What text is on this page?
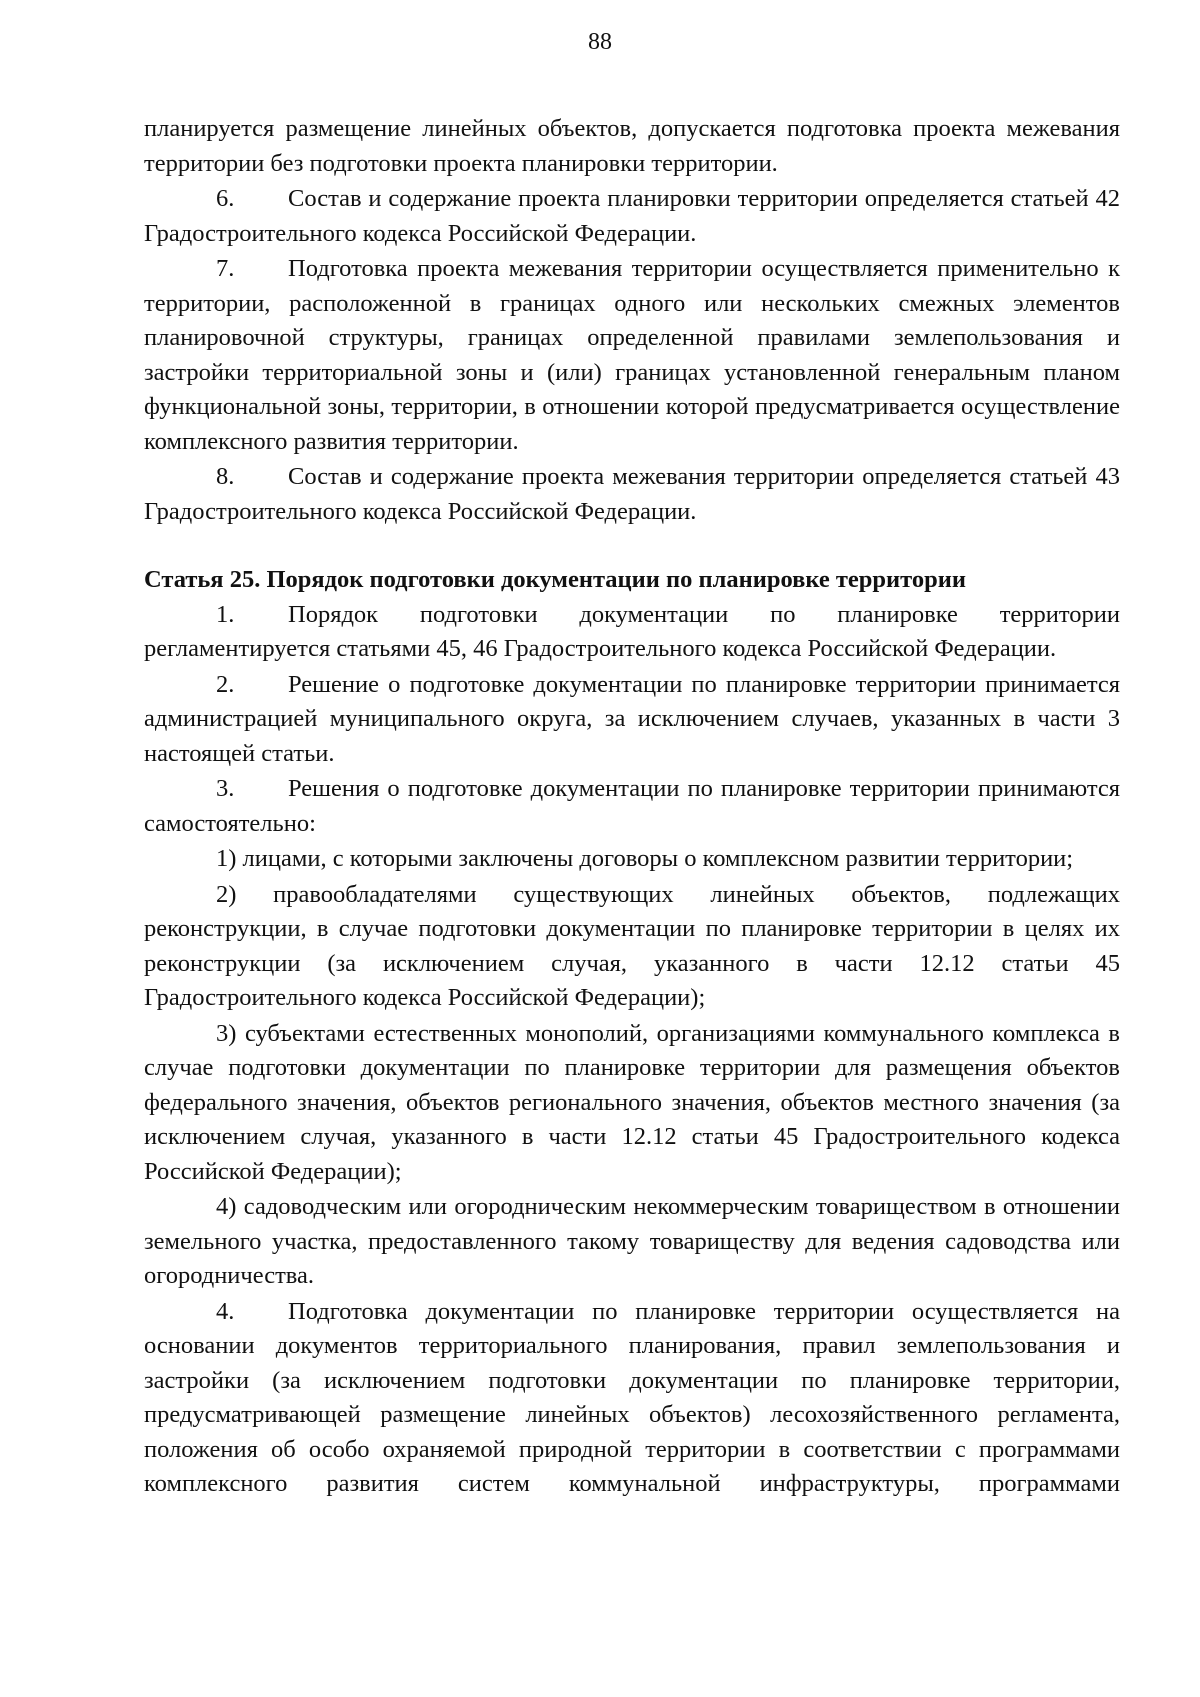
88

планируется размещение линейных объектов, допускается подготовка проекта межевания территории без подготовки проекта планировки территории.

6. Состав и содержание проекта планировки территории определяется статьей 42 Градостроительного кодекса Российской Федерации.

7. Подготовка проекта межевания территории осуществляется применительно к территории, расположенной в границах одного или нескольких смежных элементов планировочной структуры, границах определенной правилами землепользования и застройки территориальной зоны и (или) границах установленной генеральным планом функциональной зоны, территории, в отношении которой предусматривается осуществление комплексного развития территории.

8. Состав и содержание проекта межевания территории определяется статьей 43 Градостроительного кодекса Российской Федерации.

Статья 25. Порядок подготовки документации по планировке территории

1. Порядок подготовки документации по планировке территории регламентируется статьями 45, 46 Градостроительного кодекса Российской Федерации.

2. Решение о подготовке документации по планировке территории принимается администрацией муниципального округа, за исключением случаев, указанных в части 3 настоящей статьи.

3. Решения о подготовке документации по планировке территории принимаются самостоятельно:

1) лицами, с которыми заключены договоры о комплексном развитии территории;

2) правообладателями существующих линейных объектов, подлежащих реконструкции, в случае подготовки документации по планировке территории в целях их реконструкции (за исключением случая, указанного в части 12.12 статьи 45 Градостроительного кодекса Российской Федерации);

3) субъектами естественных монополий, организациями коммунального комплекса в случае подготовки документации по планировке территории для размещения объектов федерального значения, объектов регионального значения, объектов местного значения (за исключением случая, указанного в части 12.12 статьи 45 Градостроительного кодекса Российской Федерации);

4) садоводческим или огородническим некоммерческим товариществом в отношении земельного участка, предоставленного такому товариществу для ведения садоводства или огородничества.

4. Подготовка документации по планировке территории осуществляется на основании документов территориального планирования, правил землепользования и застройки (за исключением подготовки документации по планировке территории, предусматривающей размещение линейных объектов) лесохозяйственного регламента, положения об особо охраняемой природной территории в соответствии с программами комплексного развития систем коммунальной инфраструктуры, программами
